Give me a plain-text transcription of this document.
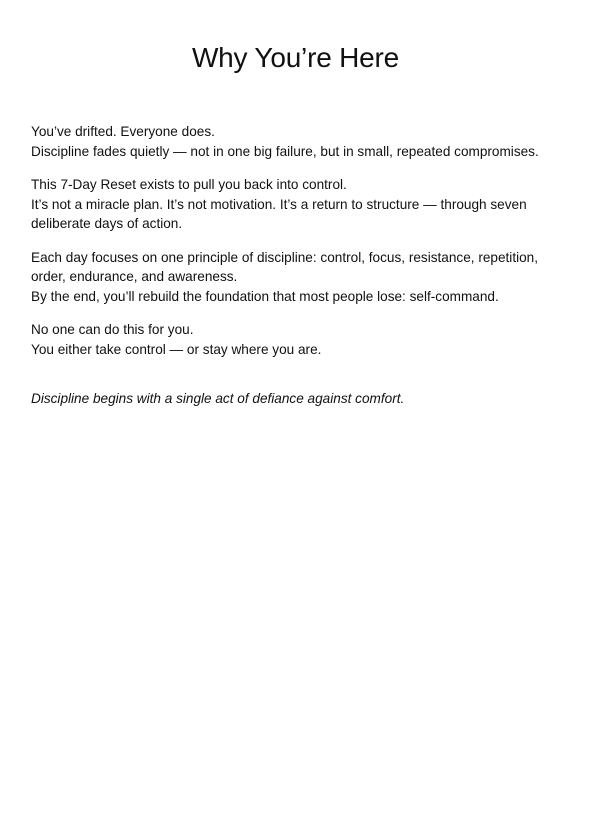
Why You’re Here
You’ve drifted. Everyone does.
Discipline fades quietly — not in one big failure, but in small, repeated compromises.
This 7-Day Reset exists to pull you back into control.
It’s not a miracle plan. It’s not motivation. It’s a return to structure — through seven deliberate days of action.
Each day focuses on one principle of discipline: control, focus, resistance, repetition, order, endurance, and awareness.
By the end, you’ll rebuild the foundation that most people lose: self-command.
No one can do this for you.
You either take control — or stay where you are.
Discipline begins with a single act of defiance against comfort.
